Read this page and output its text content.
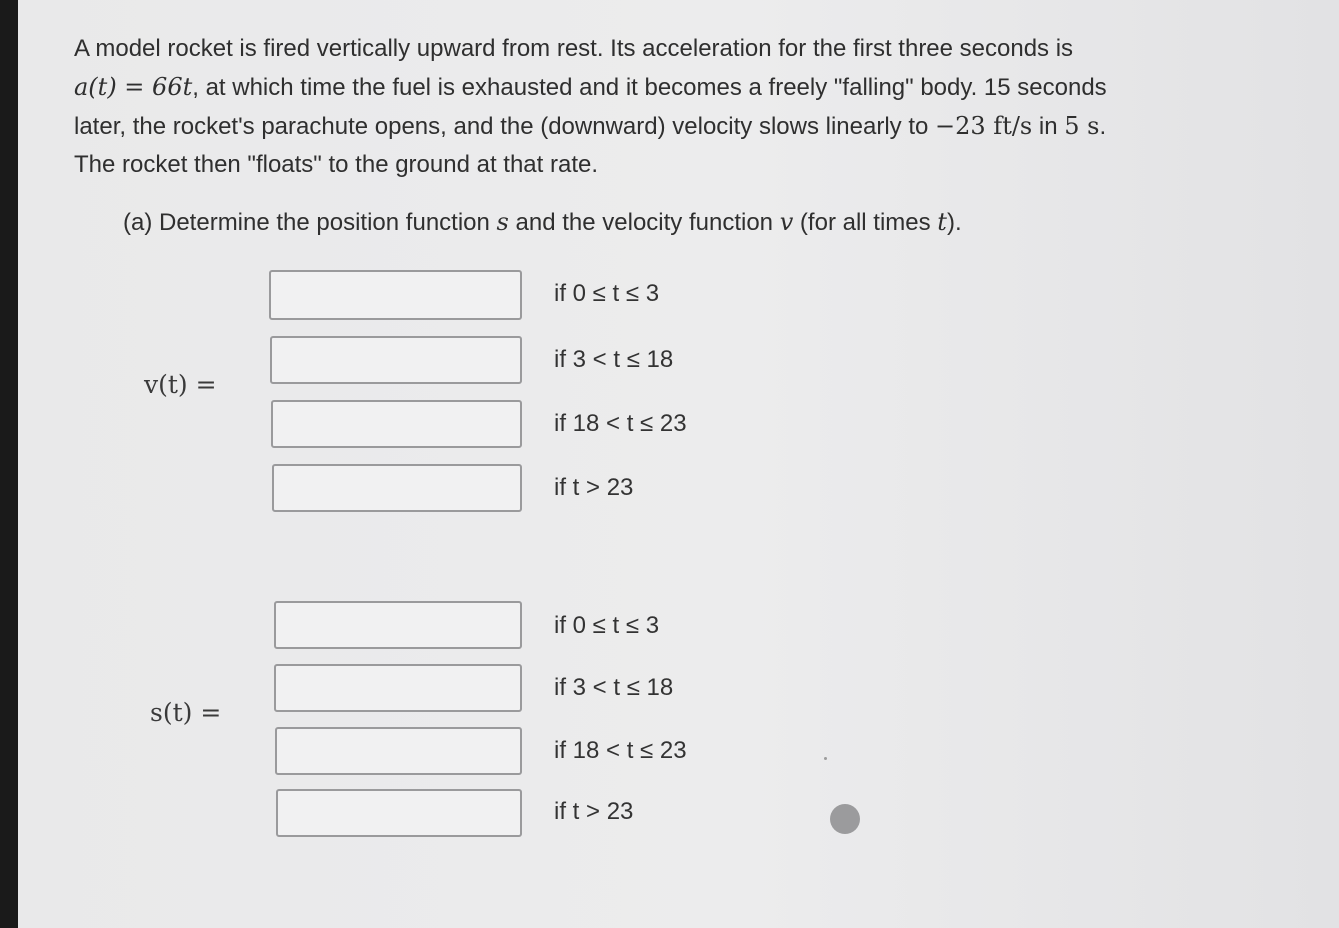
A model rocket is fired vertically upward from rest. Its acceleration for the first three seconds is
a(t) = 66t, at which time the fuel is exhausted and it becomes a freely "falling" body. 15 seconds
later, the rocket's parachute opens, and the (downward) velocity slows linearly to −23 ft/s in 5 s.
The rocket then "floats" to the ground at that rate.
(a) Determine the position function s and the velocity function v (for all times t).
v(t) =
if 0 ≤ t ≤ 3
if 3 < t ≤ 18
if 18 < t ≤ 23
if t > 23
s(t) =
if 0 ≤ t ≤ 3
if 3 < t ≤ 18
if 18 < t ≤ 23
if t > 23
